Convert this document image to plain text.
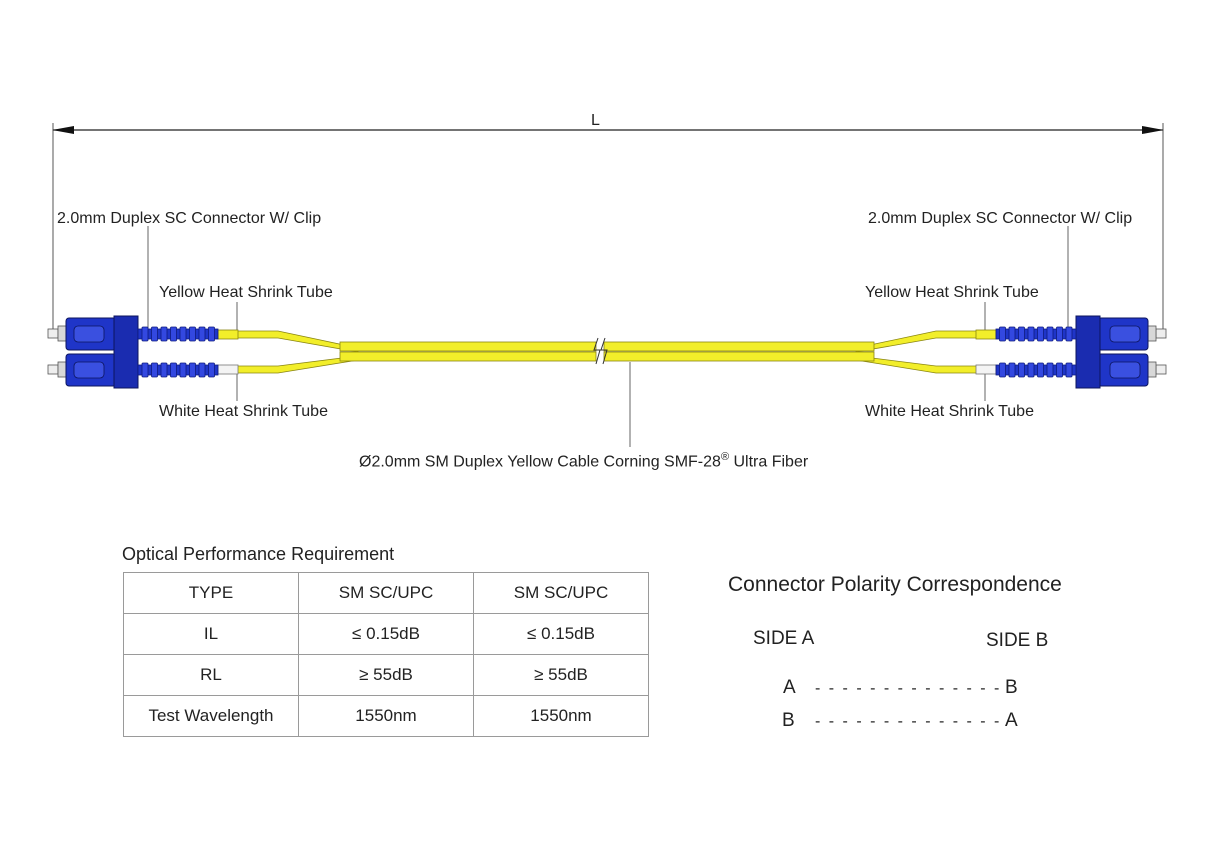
L
2.0mm Duplex SC Connector W/ Clip	2.0mm Duplex SC Connector W/ Clip
Yellow Heat Shrink Tube	Yellow Heat Shrink Tube
White Heat Shrink Tube	White Heat Shrink Tube
Ø2.0mm SM Duplex Yellow Cable Corning SMF-28® Ultra Fiber
Optical Performance Requirement
TYPE	SM SC/UPC	SM SC/UPC
IL	≤ 0.15dB	≤ 0.15dB
RL	≥ 55dB	≥ 55dB
Test Wavelength	1550nm	1550nm
Connector Polarity Correspondence
SIDE A	SIDE B
A - - - - - - - - - - - - - - B
B - - - - - - - - - - - - - - A
